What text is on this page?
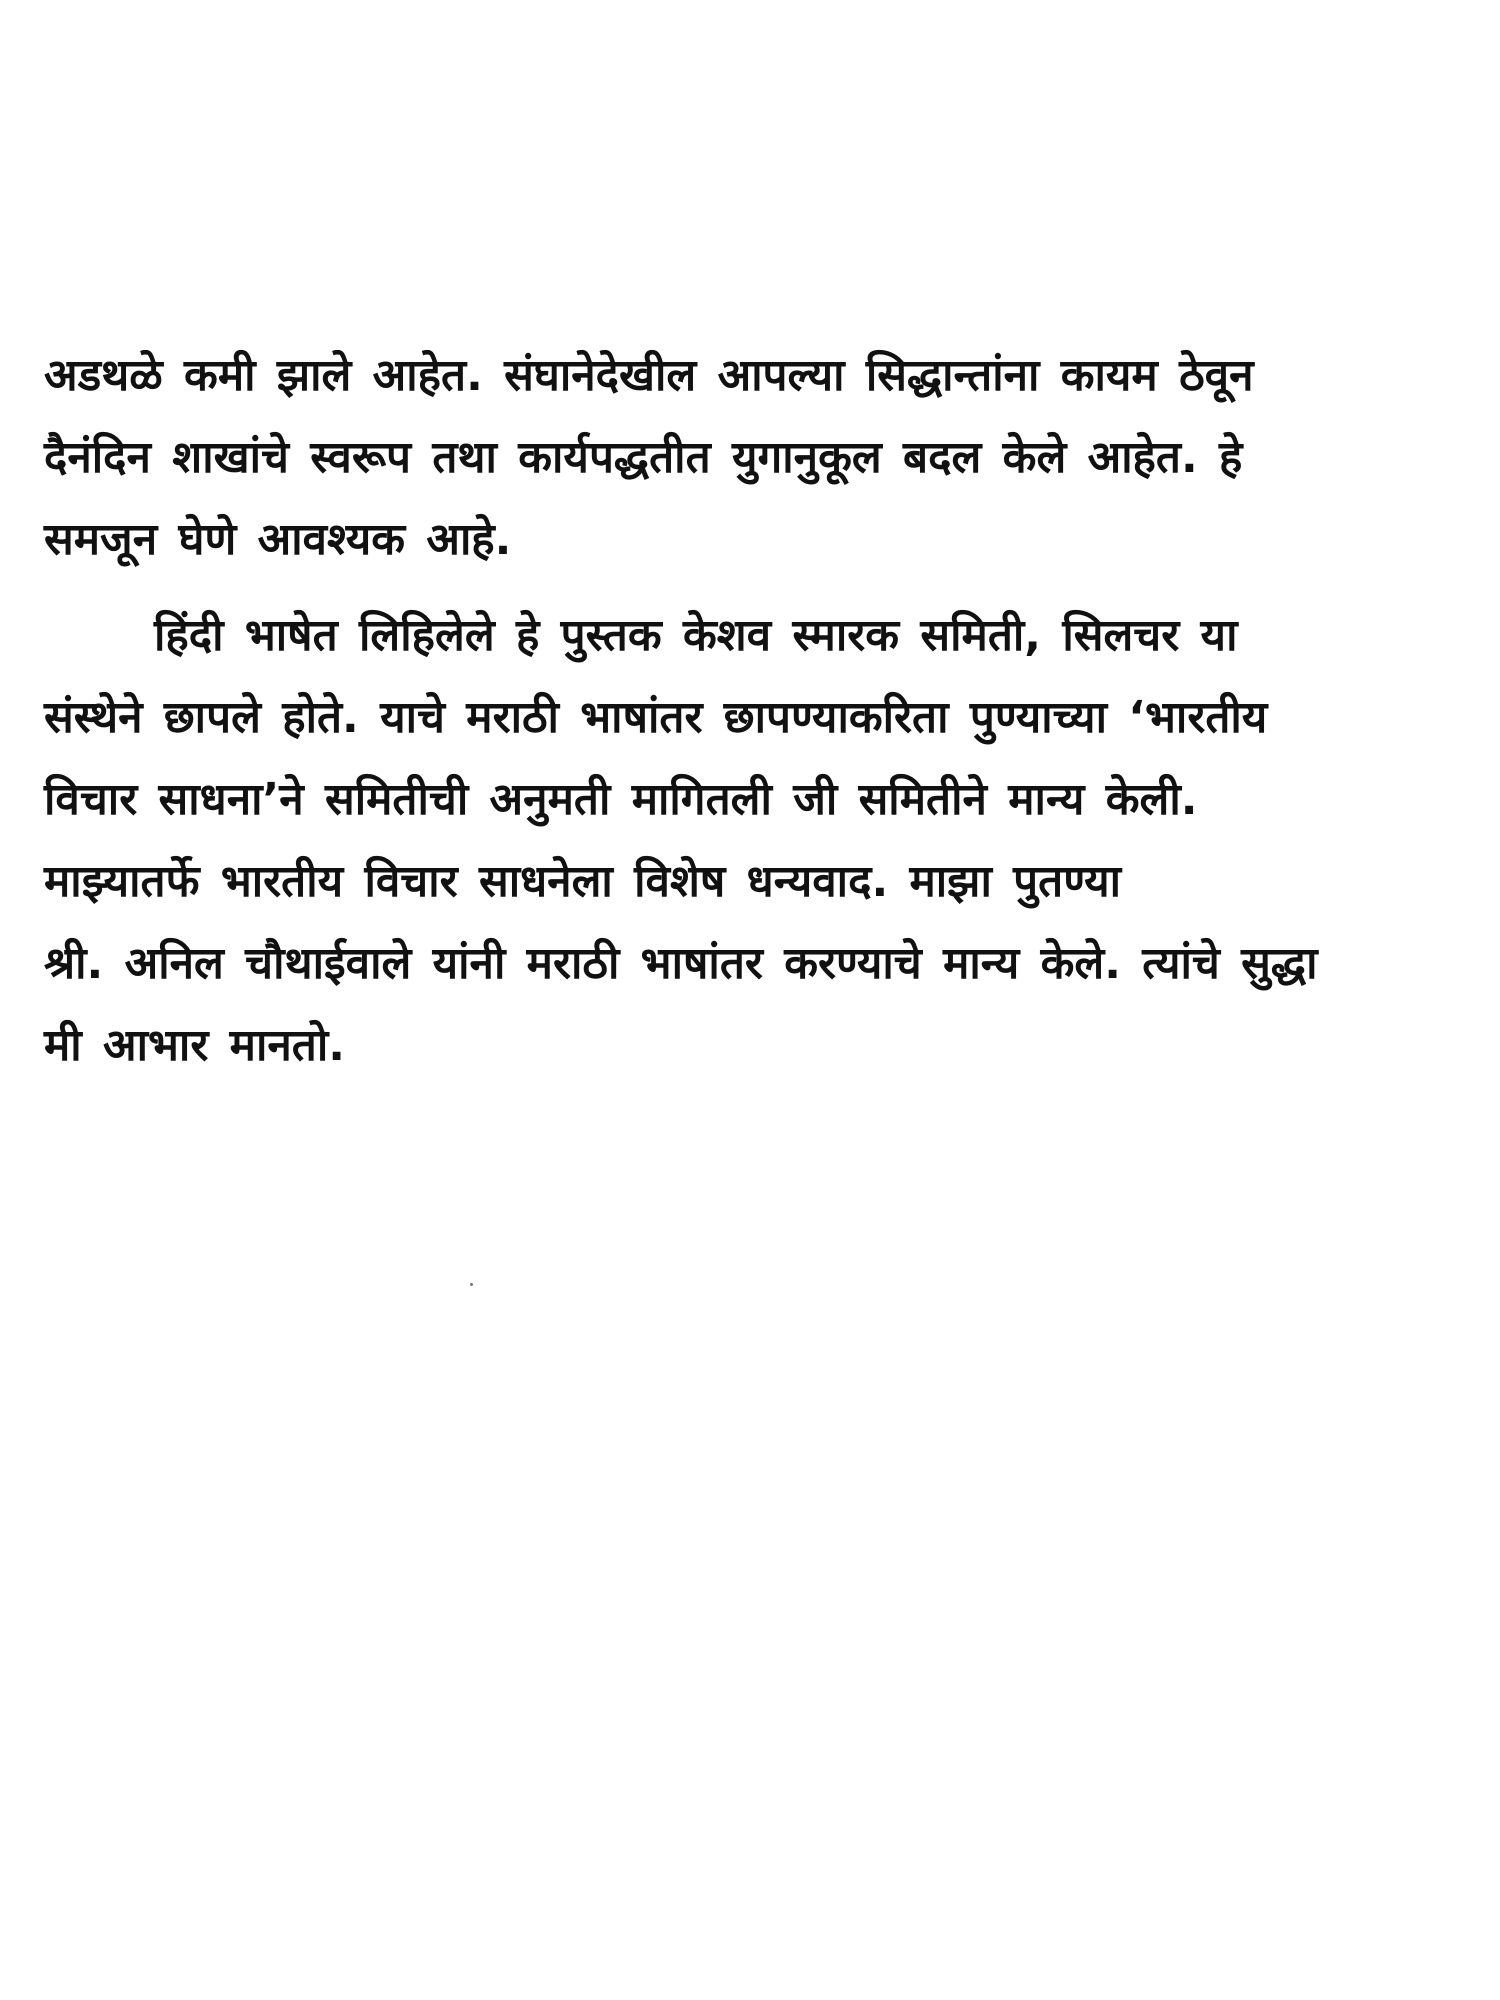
अडथळे कमी झाले आहेत. संघानेदेखील आपल्या सिद्धान्तांना कायम ठेवून
दैनंदिन शाखांचे स्वरूप तथा कार्यपद्धतीत युगानुकूल बदल केले आहेत. हे
समजून घेणे आवश्यक आहे.
हिंदी भाषेत लिहिलेले हे पुस्तक केशव स्मारक समिती, सिलचर या
संस्थेने छापले होते. याचे मराठी भाषांतर छापण्याकरिता पुण्याच्या ‘भारतीय
विचार साधना’ने समितीची अनुमती मागितली जी समितीने मान्य केली.
माझ्यातर्फे भारतीय विचार साधनेला विशेष धन्यवाद. माझा पुतण्या
श्री. अनिल चौथाईवाले यांनी मराठी भाषांतर करण्याचे मान्य केले. त्यांचे सुद्धा
मी आभार मानतो.
